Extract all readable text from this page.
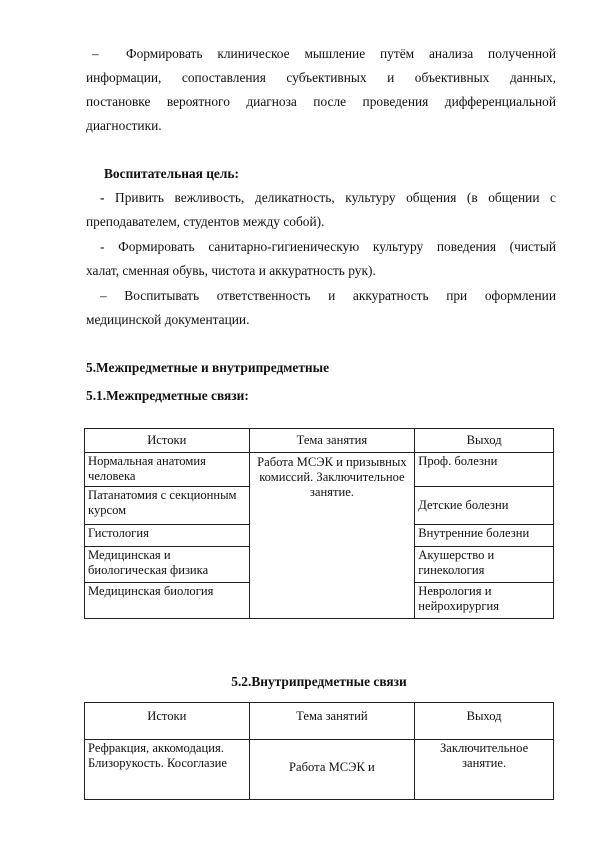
– Формировать клиническое мышление путём анализа полученной
информации, сопоставления субъективных и объективных данных,
постановке вероятного диагноза после проведения дифференциальной
диагностики.
Воспитательная цель:
- Привить вежливость, деликатность, культуру общения (в общении с
преподавателем, студентов между собой).
- Формировать санитарно-гигиеническую культуру поведения (чистый
халат, сменная обувь, чистота и аккуратность рук).
– Воспитывать ответственность и аккуратность при оформлении
медицинской документации.
5.Межпредметные и внутрипредметные
5.1.Межпредметные связи:
Истоки	Тема занятия	Выход
Нормальная анатомия человека	Работа МСЭК и призывных комиссий. Заключительное занятие.	Проф. болезни
Патанатомия с секционным курсом		Детские болезни
Гистология		Внутренние болезни
Медицинская и биологическая физика		Акушерство и гинекология
Медицинская биология		Неврология и нейрохирургия
5.2.Внутрипредметные связи
Истоки	Тема занятий	Выход
Рефракция, аккомодация. Близорукость. Косоглазие	Работа МСЭК и	Заключительное занятие.
